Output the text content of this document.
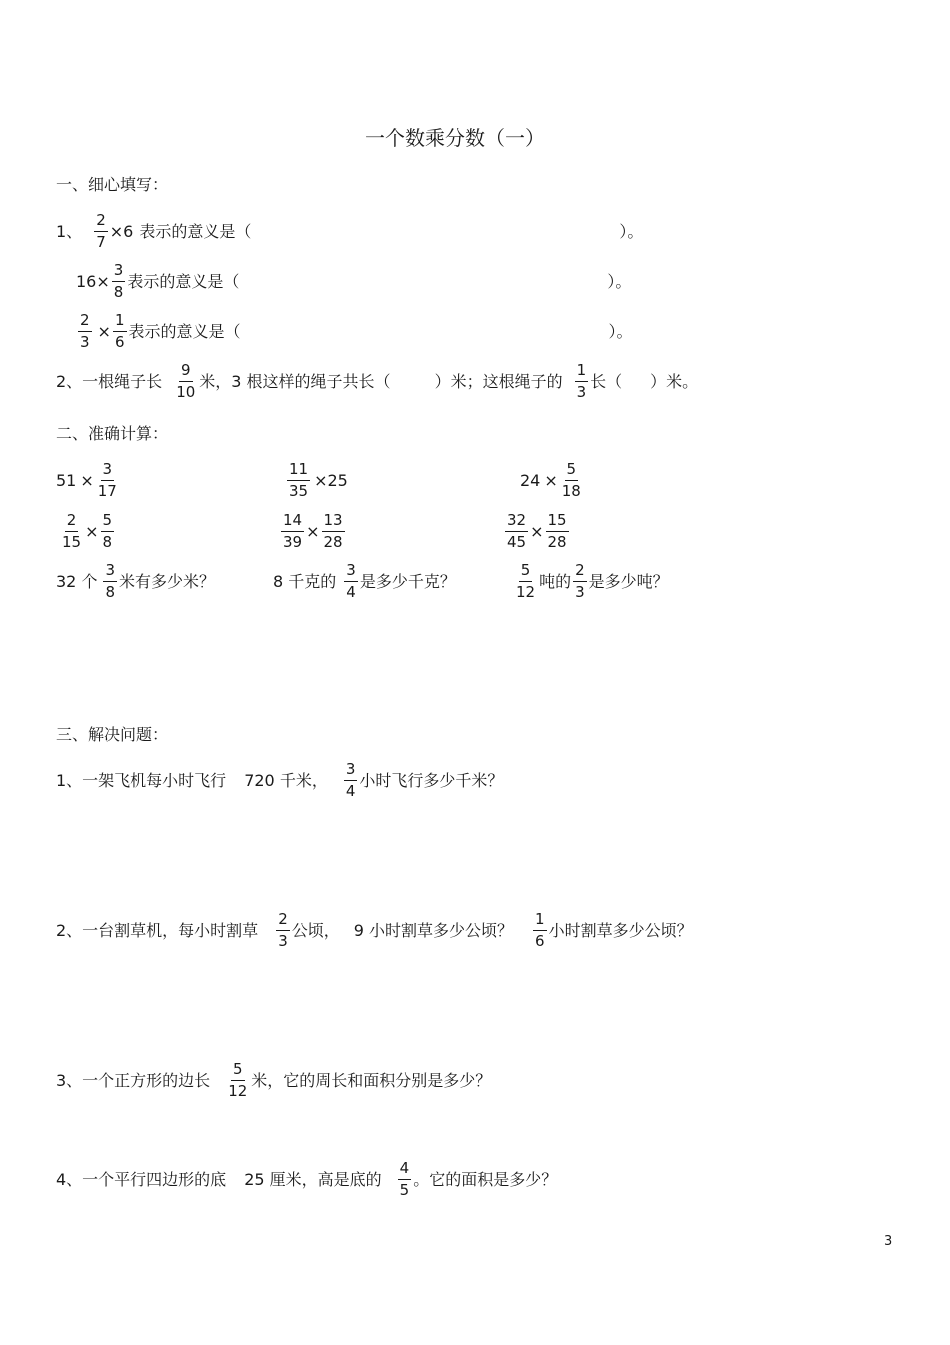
一个数乘分数（一）
一、细心填写：
1、 $\frac{2}{7} \times 6$ 表示的意义是（	）。
$16 \times \frac{3}{8}$ 表示的意义是（	）。
$\frac{2}{3} \times \frac{1}{6}$ 表示的意义是（	）。
2、一根绳子长 $\frac{9}{10}$ 米，3 根这样的绳子共长（	）米；这根绳子的 $\frac{1}{3}$ 长（ ）米。
二、准确计算：
$51 \times \frac{3}{17}$	$\frac{11}{35} \times 25$	$24 \times \frac{5}{18}$
$\frac{2}{15} \times \frac{5}{8}$	$\frac{14}{39} \times \frac{13}{28}$	$\frac{32}{45} \times \frac{15}{28}$
32 个 $\frac{3}{8}$ 米有多少米？	8 千克的 $\frac{3}{4}$ 是多少千克？	$\frac{5}{12}$ 吨的 $\frac{2}{3}$ 是多少吨？
三、解决问题：
1、一架飞机每小时飞行 720 千米， $\frac{3}{4}$ 小时飞行多少千米？
2、一台割草机，每小时割草 $\frac{2}{3}$ 公顷， 9 小时割草多少公顷？ $\frac{1}{6}$ 小时割草多少公顷？
3、一个正方形的边长 $\frac{5}{12}$ 米，它的周长和面积分别是多少？
4、一个平行四边形的底 25 厘米，高是底的 $\frac{4}{5}$ 。它的面积是多少？
3
